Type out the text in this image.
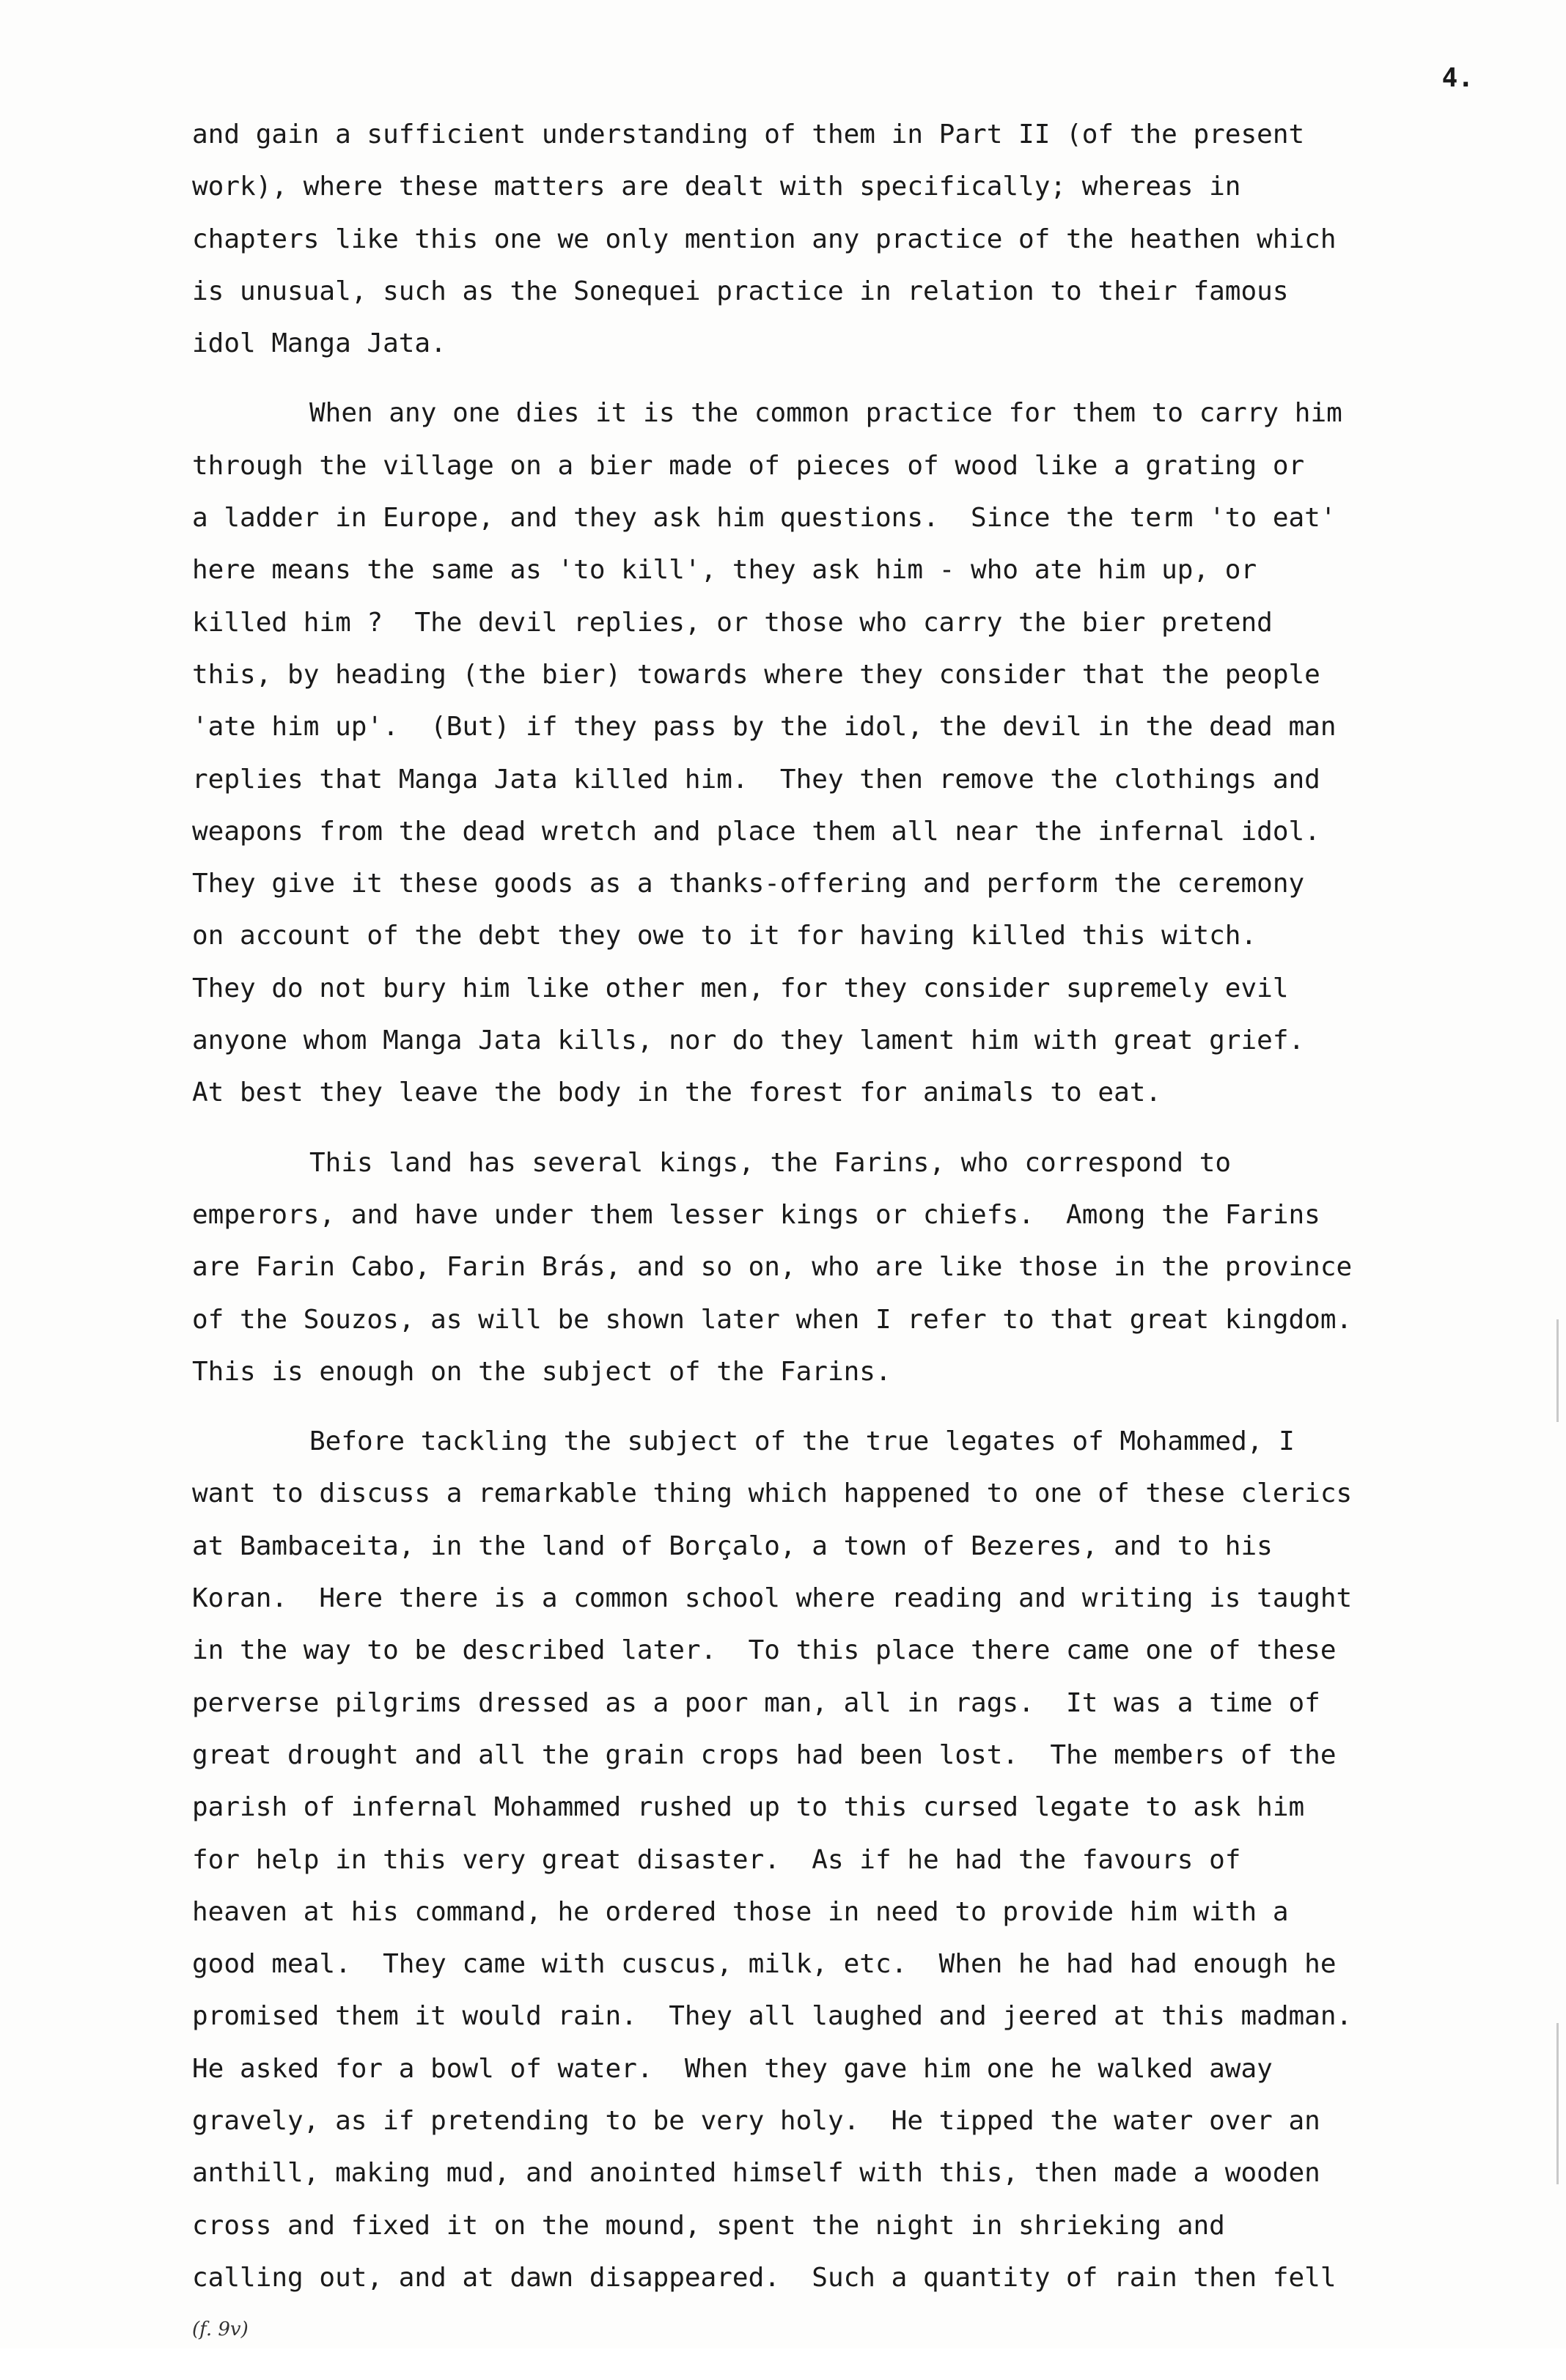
4.
and gain a sufficient understanding of them in Part II (of the present
work), where these matters are dealt with specifically; whereas in
chapters like this one we only mention any practice of the heathen which
is unusual, such as the Sonequei practice in relation to their famous
idol Manga Jata.
When any one dies it is the common practice for them to carry him
through the village on a bier made of pieces of wood like a grating or
a ladder in Europe, and they ask him questions.  Since the term 'to eat'
here means the same as 'to kill', they ask him - who ate him up, or
killed him ?  The devil replies, or those who carry the bier pretend
this, by heading (the bier) towards where they consider that the people
'ate him up'.  (But) if they pass by the idol, the devil in the dead man
replies that Manga Jata killed him.  They then remove the clothings and
weapons from the dead wretch and place them all near the infernal idol.
They give it these goods as a thanks-offering and perform the ceremony
on account of the debt they owe to it for having killed this witch.
They do not bury him like other men, for they consider supremely evil
anyone whom Manga Jata kills, nor do they lament him with great grief.
At best they leave the body in the forest for animals to eat.
This land has several kings, the Farins, who correspond to
emperors, and have under them lesser kings or chiefs.  Among the Farins
are Farin Cabo, Farin Brás, and so on, who are like those in the province
of the Souzos, as will be shown later when I refer to that great kingdom.
This is enough on the subject of the Farins.
Before tackling the subject of the true legates of Mohammed, I
want to discuss a remarkable thing which happened to one of these clerics
at Bambaceita, in the land of Borçalo, a town of Bezeres, and to his
Koran.  Here there is a common school where reading and writing is taught
in the way to be described later.  To this place there came one of these
perverse pilgrims dressed as a poor man, all in rags.  It was a time of
great drought and all the grain crops had been lost.  The members of the
parish of infernal Mohammed rushed up to this cursed legate to ask him
for help in this very great disaster.  As if he had the favours of
heaven at his command, he ordered those in need to provide him with a
good meal.  They came with cuscus, milk, etc.  When he had had enough he
promised them it would rain.  They all laughed and jeered at this madman.
He asked for a bowl of water.  When they gave him one he walked away
gravely, as if pretending to be very holy.  He tipped the water over an
anthill, making mud, and anointed himself with this, then made a wooden
cross and fixed it on the mound, spent the night in shrieking and
calling out, and at dawn disappeared.  Such a quantity of rain then fell
$^{(f. 9v)}$
